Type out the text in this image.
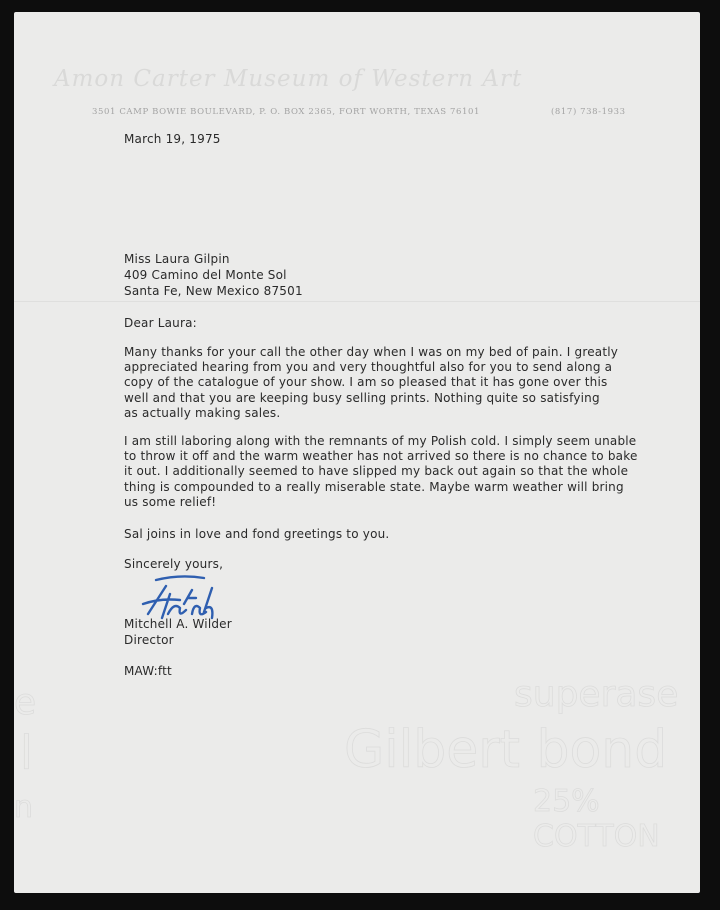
Amon Carter Museum of Western Art
3501 CAMP BOWIE BOULEVARD, P. O. BOX 2365, FORT WORTH, TEXAS 76101	(817) 738-1933
superase
Gilbert bond
25% COTTON
e
l
n
March 19, 1975
Miss Laura Gilpin
409 Camino del Monte Sol
Santa Fe, New Mexico 87501
Dear Laura:
Many thanks for your call the other day when I was on my bed of pain. I greatly
appreciated hearing from you and very thoughtful also for you to send along a
copy of the catalogue of your show. I am so pleased that it has gone over this
well and that you are keeping busy selling prints. Nothing quite so satisfying
as actually making sales.
I am still laboring along with the remnants of my Polish cold. I simply seem unable
to throw it off and the warm weather has not arrived so there is no chance to bake
it out. I additionally seemed to have slipped my back out again so that the whole
thing is compounded to a really miserable state. Maybe warm weather will bring
us some relief!
Sal joins in love and fond greetings to you.
Sincerely yours,
Mitchell A. Wilder
Director
MAW:ftt
